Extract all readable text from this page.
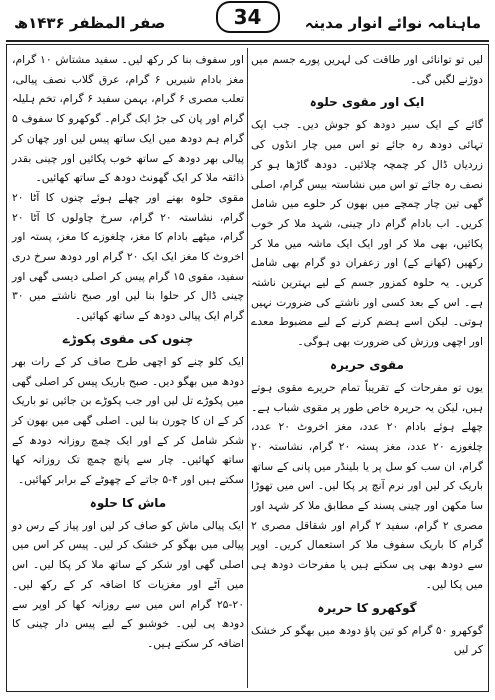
ماہنامہ نوائے انوار مدینہ
صفر المظفر ۱۴۳۶ھ	34

لیں تو توانائی اور طاقت کی لہریں پورے جسم میں دوڑنے لگیں گی۔

ایک اور مقوی حلوہ

گائے کے ایک سیر دودھ کو جوش دیں۔ جب ایک تہائی دودھ رہ جائے تو اس میں چار انڈوں کی زردیاں ڈال کر چمچہ چلائیں۔ دودھ گاڑھا ہو کر نصف رہ جائے تو اس میں نشاستہ بیس گرام، اصلی گھی تین چار چمچے میں بھون کر حلوے میں شامل کریں۔ اب بادام گرام دار چینی، شہد ملا کر خوب پکائیں، بھی ملا کر اور ایک ایک ماشہ میں ملا کر رکھیں (کھانے کے) اور زعفران دو گرام بھی شامل کریں۔ یہ حلوہ کمزور جسم کے لیے بہترین ناشتہ ہے۔ اس کے بعد کسی اور ناشتے کی ضرورت نہیں ہوتی۔ لیکن اسے ہضم کرنے کے لیے مضبوط معدے اور اچھی ورزش کی ضرورت بھی ہوگی۔

مقوی حریرہ

یوں تو مفرحات کے تقریباً تمام حریرے مقوی ہوتے ہیں، لیکن یہ حریرہ خاص طور پر مقوی شباب ہے۔ چھلے ہوئے بادام ۲۰ عدد، مغز اخروٹ ۲۰ عدد، چلغوزے ۲۰ عدد، مغز پستہ ۲۰ گرام، نشاستہ ۲۰ گرام، ان سب کو سل پر یا بلینڈر میں پانی کے ساتھ باریک کر لیں اور نرم آنچ پر پکا لیں۔ اس میں تھوڑا سا مکھن اور چینی پسند کے مطابق ملا کر شہد اور مصری ۲ گرام، سفید ۲ گرام اور شقاقل مصری ۲ گرام کا باریک سفوف ملا کر استعمال کریں۔ اوپر سے دودھ بھی پی سکتے ہیں یا مفرحات دودھ ہی میں پکا لیں۔

گوکھرو کا حریرہ

گوکھرو ۵۰ گرام کو تین پاؤ دودھ میں بھگو کر خشک کر لیں

اور سفوف بنا کر رکھ لیں۔ سفید مشتاش ۱۰ گرام، مغز بادام شیریں ۶ گرام، عرق گلاب نصف پیالی، تعلب مصری ۶ گرام، بہمن سفید ۶ گرام، تخم ہلیلہ گرام اور پان کی جڑ ایک گرام۔ گوکھرو کا سفوف ۵ گرام ہم دودھ میں ایک ساتھ پیس لیں اور چھان کر پیالی بھر دودھ کے ساتھ خوب پکائیں اور چینی بقدر ذائقہ ملا کر ایک گھونٹ دودھ کے ساتھ کھائیں۔

مقوی حلوہ بھنے اور چھلے ہوئے چنوں کا آٹا ۲۰ گرام، نشاستہ ۲۰ گرام، سرخ چاولوں کا آٹا ۲۰ گرام، میٹھے بادام کا مغز، چلغوزے کا مغز، پستہ اور اخروٹ کا مغز ایک ایک ۲۰ گرام اور دودھ سرخ دری سفید، مقوی ۱۵ گرام پیس کر اصلی دیسی گھی اور چینی ڈال کر حلوا بنا لیں اور صبح ناشتے میں ۳۰ گرام ایک پیالی دودھ کے ساتھ کھائیں۔

چنوں کی مقوی پکوڑے

ایک کلو چنے کو اچھی طرح صاف کر کے رات بھر دودھ میں بھگو دیں۔ صبح باریک پیس کر اصلی گھی میں پکوڑے تل لیں اور جب پکوڑے بن جائیں تو باریک کر کے ان کا چورن بنا لیں۔ اصلی گھی میں بھون کر شکر شامل کر کے اور ایک چمچ روزانہ دودھ کے ساتھ کھائیں۔ چار سے پانچ چمچ تک روزانہ کھا سکتے ہیں اور ۴-۵ جاتے کے چھوٹے کے برابر کھائیں۔

ماش کا حلوہ

ایک پیالی ماش کو صاف کر لیں اور پیاز کے رس دو پیالی میں بھگو کر خشک کر لیں۔ پیس کر اس میں اصلی گھی اور شکر کے ساتھ ملا کر پکا لیں۔ اس میں آٹے اور مغزیات کا اضافہ کر کے رکھ لیں۔ ۲۰-۲۵ گرام اس میں سے روزانہ کھا کر اوپر سے دودھ پی لیں۔ خوشبو کے لیے پیس دار چینی کا اضافہ کر سکتے ہیں۔
